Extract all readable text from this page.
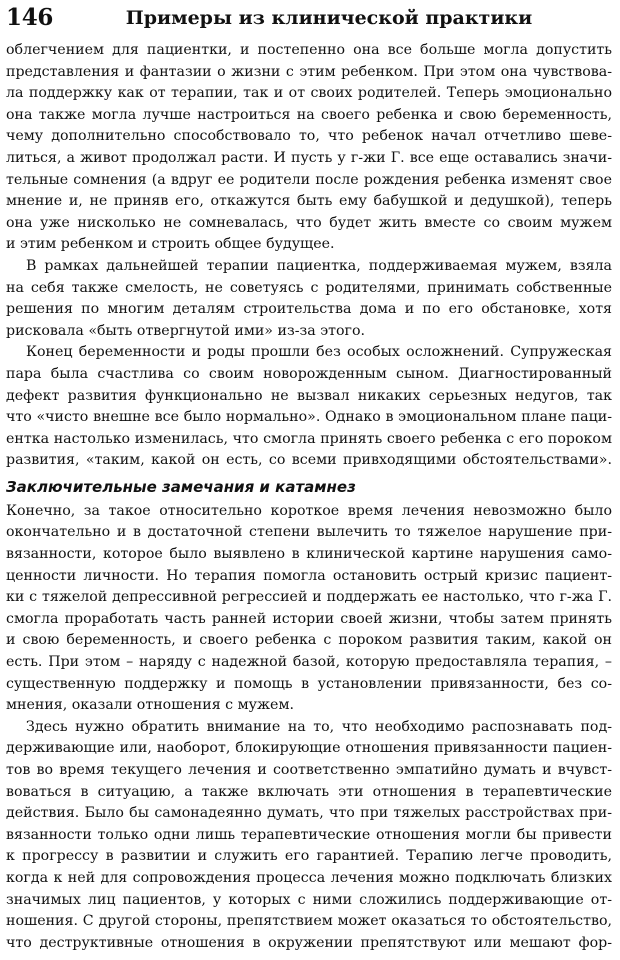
146	Примеры из клинической практики
облегчением для пациентки, и постепенно она все больше могла допустить
представления и фантазии о жизни с этим ребенком. При этом она чувствова-
ла поддержку как от терапии, так и от своих родителей. Теперь эмоционально
она также могла лучше настроиться на своего ребенка и свою беременность,
чему дополнительно способствовало то, что ребенок начал отчетливо шеве-
литься, а живот продолжал расти. И пусть у г-жи Г. все еще оставались значи-
тельные сомнения (а вдруг ее родители после рождения ребенка изменят свое
мнение и, не приняв его, откажутся быть ему бабушкой и дедушкой), теперь
она уже нисколько не сомневалась, что будет жить вместе со своим мужем
и этим ребенком и строить общее будущее.
В рамках дальнейшей терапии пациентка, поддерживаемая мужем, взяла
на себя также смелость, не советуясь с родителями, принимать собственные
решения по многим деталям строительства дома и по его обстановке, хотя
рисковала «быть отвергнутой ими» из-за этого.
Конец беременности и роды прошли без особых осложнений. Супружеская
пара была счастлива со своим новорожденным сыном. Диагностированный
дефект развития функционально не вызвал никаких серьезных недугов, так
что «чисто внешне все было нормально». Однако в эмоциональном плане паци-
ентка настолько изменилась, что смогла принять своего ребенка с его пороком
развития, «таким, какой он есть, со всеми привходящими обстоятельствами».
Заключительные замечания и катамнез
Конечно, за такое относительно короткое время лечения невозможно было
окончательно и в достаточной степени вылечить то тяжелое нарушение при-
вязанности, которое было выявлено в клинической картине нарушения само-
ценности личности. Но терапия помогла остановить острый кризис пациент-
ки с тяжелой депрессивной регрессией и поддержать ее настолько, что г-жа Г.
смогла проработать часть ранней истории своей жизни, чтобы затем принять
и свою беременность, и своего ребенка с пороком развития таким, какой он
есть. При этом – наряду с надежной базой, которую предоставляла терапия, –
существенную поддержку и помощь в установлении привязанности, без со-
мнения, оказали отношения с мужем.
Здесь нужно обратить внимание на то, что необходимо распознавать под-
держивающие или, наоборот, блокирующие отношения привязанности пациен-
тов во время текущего лечения и соответственно эмпатийно думать и вчувст-
воваться в ситуацию, а также включать эти отношения в терапевтические
действия. Было бы самонадеянно думать, что при тяжелых расстройствах при-
вязанности только одни лишь терапевтические отношения могли бы привести
к прогрессу в развитии и служить его гарантией. Терапию легче проводить,
когда к ней для сопровождения процесса лечения можно подключать близких
значимых лиц пациентов, у которых с ними сложились поддерживающие от-
ношения. С другой стороны, препятствием может оказаться то обстоятельство,
что деструктивные отношения в окружении препятствуют или мешают фор-
